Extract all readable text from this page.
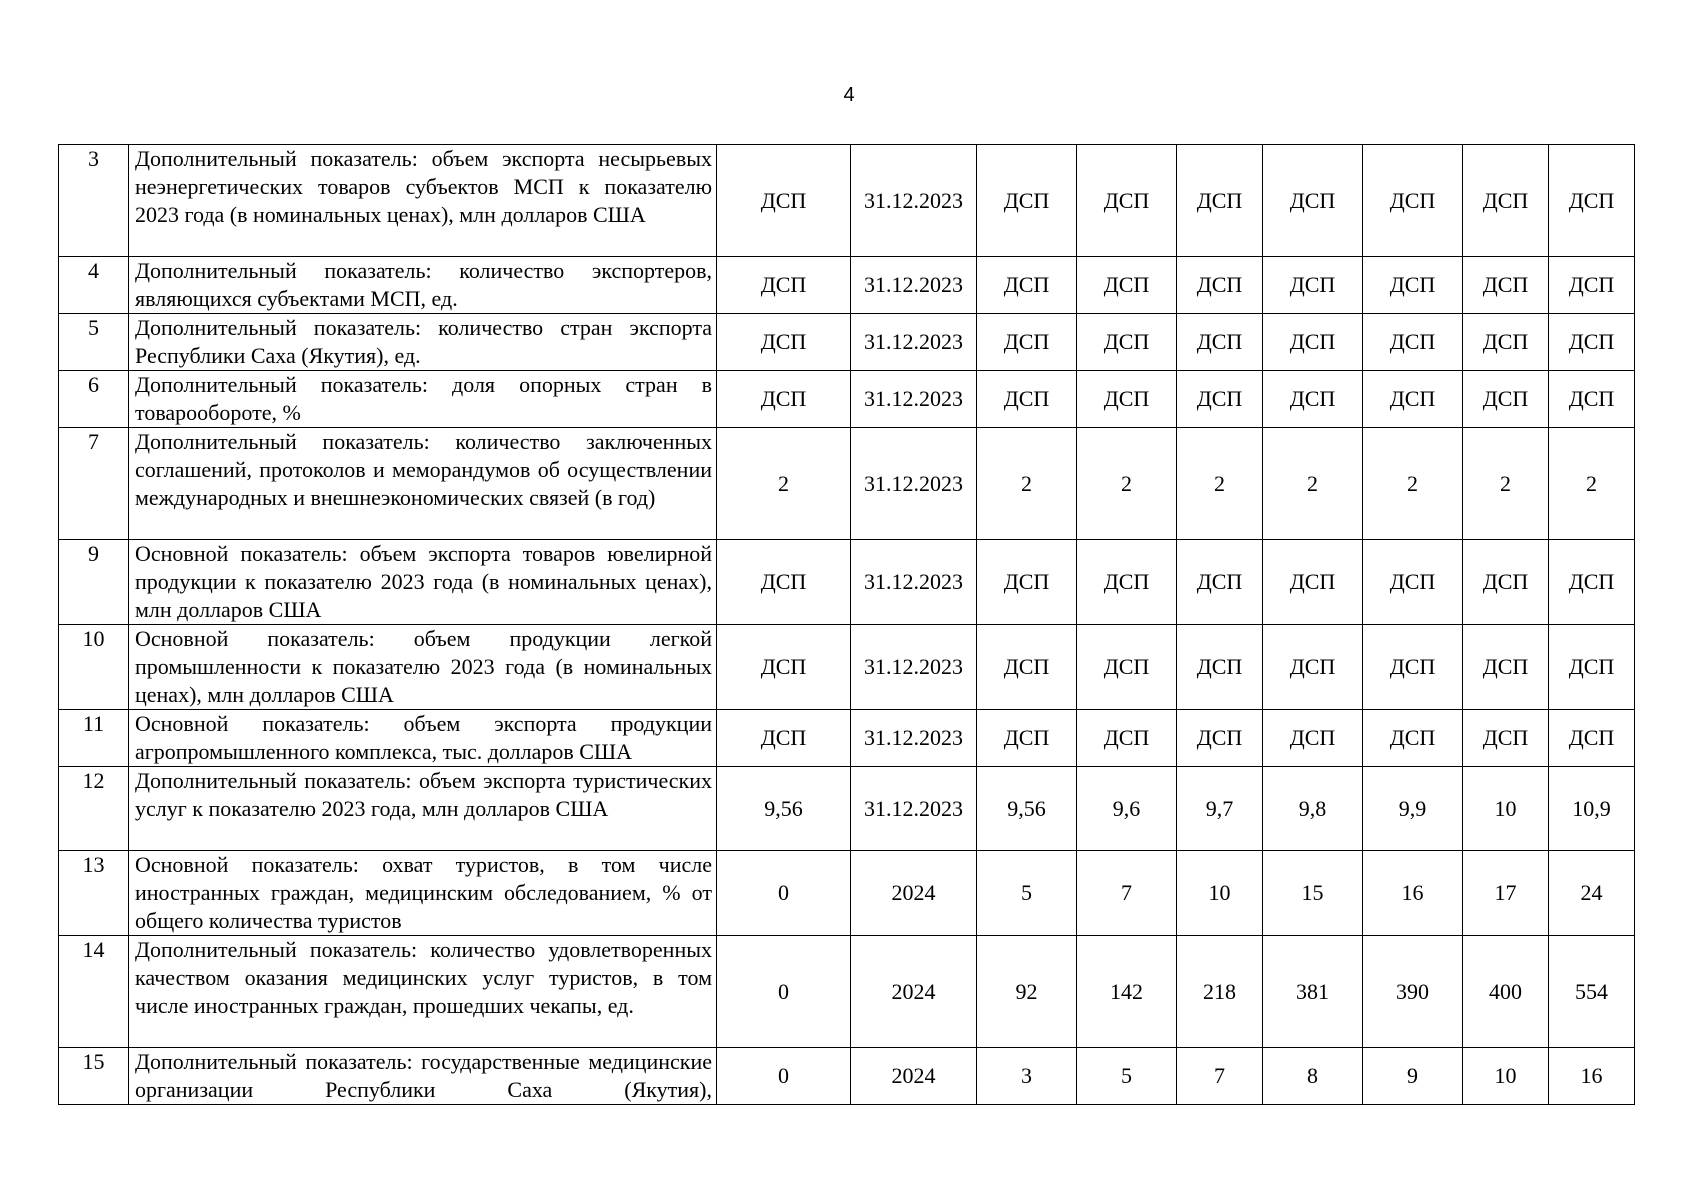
4
3	Дополнительный показатель: объем экспорта несырьевых неэнергетических товаров субъектов МСП к показателю 2023 года (в номинальных ценах), млн долларов США	ДСП	31.12.2023	ДСП	ДСП	ДСП	ДСП	ДСП	ДСП	ДСП
4	Дополнительный показатель: количество экспортеров, являющихся субъектами МСП, ед.	ДСП	31.12.2023	ДСП	ДСП	ДСП	ДСП	ДСП	ДСП	ДСП
5	Дополнительный показатель: количество стран экспорта Республики Саха (Якутия), ед.	ДСП	31.12.2023	ДСП	ДСП	ДСП	ДСП	ДСП	ДСП	ДСП
6	Дополнительный показатель: доля опорных стран в товарообороте, %	ДСП	31.12.2023	ДСП	ДСП	ДСП	ДСП	ДСП	ДСП	ДСП
7	Дополнительный показатель: количество заключенных соглашений, протоколов и меморандумов об осуществлении международных и внешнеэкономических связей (в год)	2	31.12.2023	2	2	2	2	2	2	2
9	Основной показатель: объем экспорта товаров ювелирной продукции к показателю 2023 года (в номинальных ценах), млн долларов США	ДСП	31.12.2023	ДСП	ДСП	ДСП	ДСП	ДСП	ДСП	ДСП
10	Основной показатель: объем продукции легкой промышленности к показателю 2023 года (в номинальных ценах), млн долларов США	ДСП	31.12.2023	ДСП	ДСП	ДСП	ДСП	ДСП	ДСП	ДСП
11	Основной показатель: объем экспорта продукции агропромышленного комплекса, тыс. долларов США	ДСП	31.12.2023	ДСП	ДСП	ДСП	ДСП	ДСП	ДСП	ДСП
12	Дополнительный показатель: объем экспорта туристических услуг к показателю 2023 года, млн долларов США	9,56	31.12.2023	9,56	9,6	9,7	9,8	9,9	10	10,9
13	Основной показатель: охват туристов, в том числе иностранных граждан, медицинским обследованием, % от общего количества туристов	0	2024	5	7	10	15	16	17	24
14	Дополнительный показатель: количество удовлетворенных качеством оказания медицинских услуг туристов, в том числе иностранных граждан, прошедших чекапы, ед.	0	2024	92	142	218	381	390	400	554
15	Дополнительный показатель: государственные медицинские организации Республики Саха (Якутия),	0	2024	3	5	7	8	9	10	16
